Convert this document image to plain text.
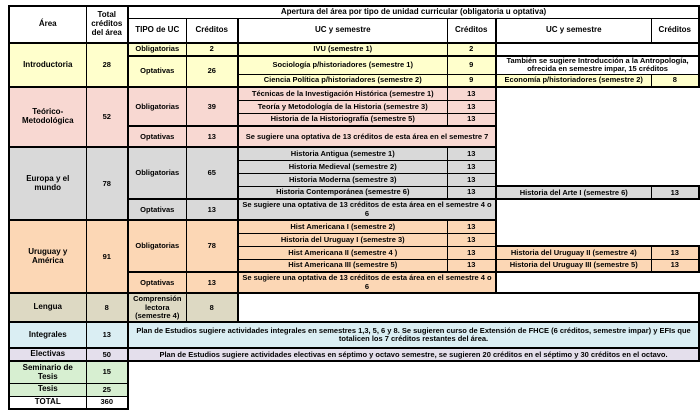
Área	Total créditos del área	Apertura del área por tipo de unidad curricular (obligatoria u optativa)					
		TIPO de UC	Créditos	UC y semestre	Créditos	UC y semestre	Créditos
Introductoria	28	Obligatorias	2	IVU (semestre 1)	2		
		Optativas	26	Sociología p/historiadores (semestre 1)	9	También se sugiere Introducción a la Antropología, ofrecida en semestre impar, 15 créditos	
				Ciencia Política p/historiadores (semestre 2)	9	Economía p/historiadores (semestre 2)	8
Teórico-Metodológica	52	Obligatorias	39	Técnicas de la Investigación Histórica (semestre 1)	13		
				Teoría y Metodología de la Historia (semestre 3)	13		
				Historia de la Historiografía (semestre 5)	13		
		Optativas	13	Se sugiere una optativa de 13 créditos de esta área en el semestre 7			
Europa y el mundo	78	Obligatorias	65	Historia Antigua (semestre 1)	13		
				Historia Medieval (semestre 2)	13		
				Historia Moderna (semestre 3)	13		
				Historia Contemporánea (semestre 6)	13	Historia del Arte I (semestre 6)	13
		Optativas	13	Se sugiere una optativa de 13 créditos de esta área en el semestre 4 o 6			
Uruguay y América	91	Obligatorias	78	Hist Americana I (semestre 2)	13		
				Historia del Uruguay I (semestre 3)	13		
				Hist Americana II (semestre 4 )	13	Historia del Uruguay II (semestre 4)	13
				Hist Americana III (semestre 5)	13	Historia del Uruguay III (semestre 5)	13
		Optativas	13	Se sugiere una optativa de 13 créditos de esta área en el semestre 4 o 6			
Lengua	8	Comprensión lectora (semestre 4)	8				
Integrales	13	Plan de Estudios sugiere actividades integrales en semestres 1,3, 5, 6 y 8. Se sugieren curso de Extensión de FHCE (6 créditos, semestre impar) y EFIs que totalicen los 7 créditos restantes del área.					
Electivas	50	Plan de Estudios sugiere actividades electivas en séptimo y octavo semestre, se sugieren 20 créditos en el séptimo y 30 créditos en el octavo.					
Seminario de Tesis	15						
Tesis	25						
TOTAL	360						
